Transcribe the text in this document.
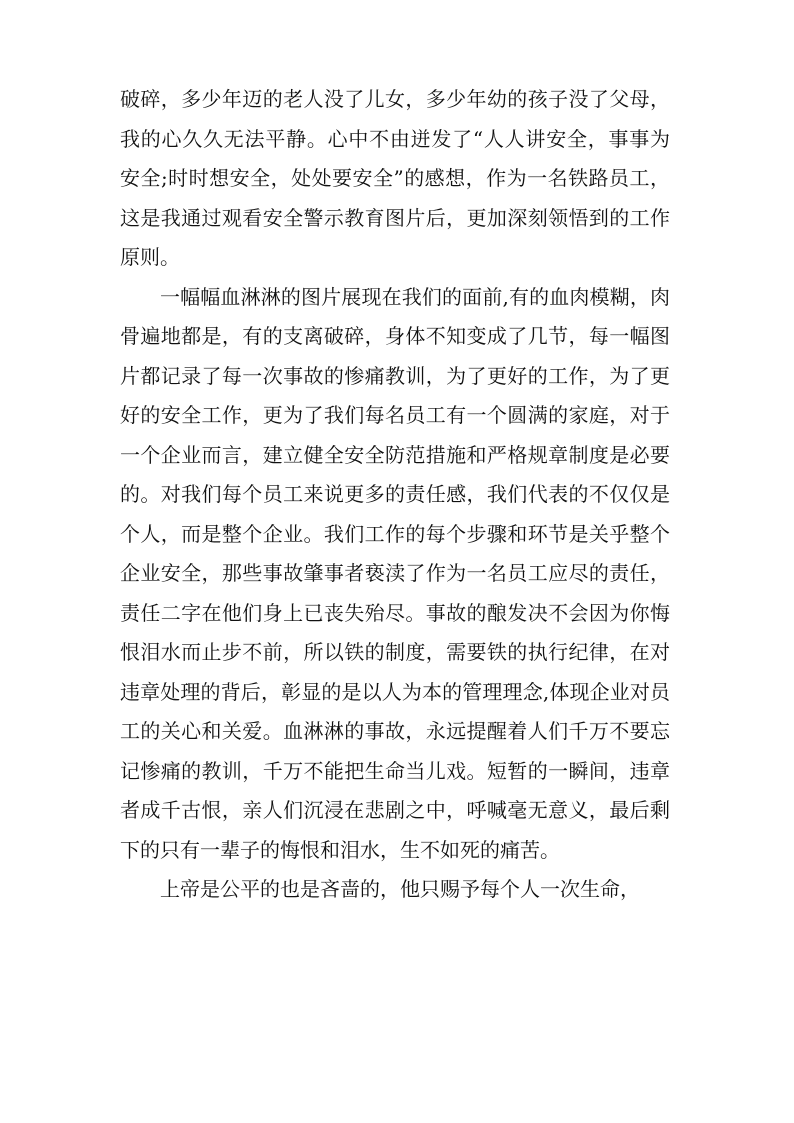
破碎，多少年迈的老人没了儿女，多少年幼的孩子没了父母，我的心久久无法平静。心中不由迸发了“人人讲安全，事事为安全;时时想安全，处处要安全”的感想，作为一名铁路员工，这是我通过观看安全警示教育图片后，更加深刻领悟到的工作原则。

一幅幅血淋淋的图片展现在我们的面前,有的血肉模糊，肉骨遍地都是，有的支离破碎，身体不知变成了几节，每一幅图片都记录了每一次事故的惨痛教训，为了更好的工作，为了更好的安全工作，更为了我们每名员工有一个圆满的家庭，对于一个企业而言，建立健全安全防范措施和严格规章制度是必要的。对我们每个员工来说更多的责任感，我们代表的不仅仅是个人，而是整个企业。我们工作的每个步骤和环节是关乎整个企业安全，那些事故肇事者亵渎了作为一名员工应尽的责任，责任二字在他们身上已丧失殆尽。事故的酿发决不会因为你悔恨泪水而止步不前，所以铁的制度，需要铁的执行纪律，在对违章处理的背后，彰显的是以人为本的管理理念,体现企业对员工的关心和关爱。血淋淋的事故，永远提醒着人们千万不要忘记惨痛的教训，千万不能把生命当儿戏。短暂的一瞬间，违章者成千古恨，亲人们沉浸在悲剧之中，呼喊毫无意义，最后剩下的只有一辈子的悔恨和泪水，生不如死的痛苦。

上帝是公平的也是吝啬的，他只赐予每个人一次生命，
